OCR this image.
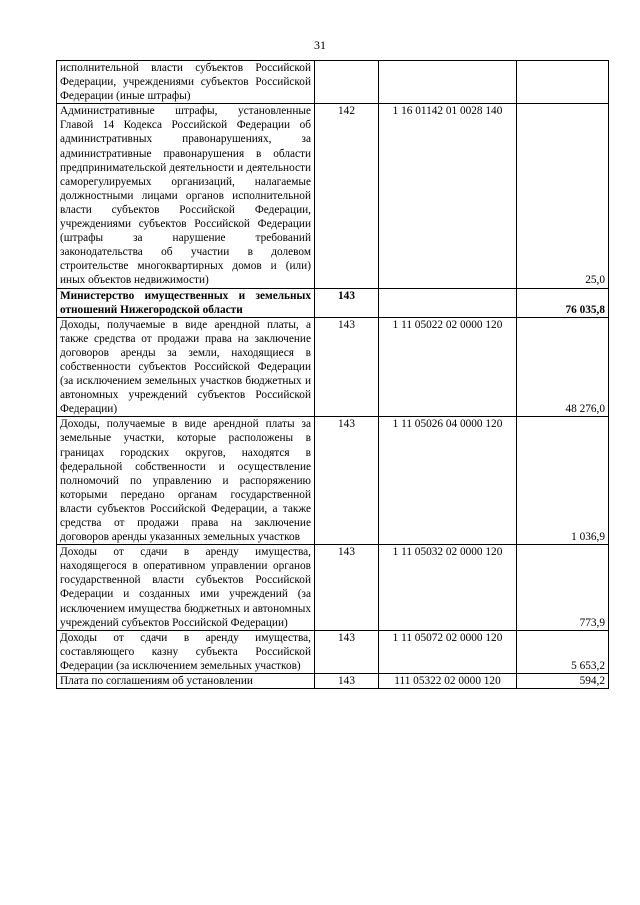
31
исполнительной власти субъектов Российской Федерации, учреждениями субъектов Российской Федерации (иные штрафы)			

Административные штрафы, установленные Главой 14 Кодекса Российской Федерации об административных правонарушениях, за административные правонарушения в области предпринимательской деятельности и деятельности саморегулируемых организаций, налагаемые должностными лицами органов исполнительной власти субъектов Российской Федерации, учреждениями субъектов Российской Федерации (штрафы за нарушение требований законодательства об участии в долевом строительстве многоквартирных домов и (или) иных объектов недвижимости)	142	1 16 01142 01 0028 140	25,0

Министерство имущественных и земельных отношений Нижегородской области	143		76 035,8

Доходы, получаемые в виде арендной платы, а также средства от продажи права на заключение договоров аренды за земли, находящиеся в собственности субъектов Российской Федерации (за исключением земельных участков бюджетных и автономных учреждений субъектов Российской Федерации)	143	1 11 05022 02 0000 120	48 276,0

Доходы, получаемые в виде арендной платы за земельные участки, которые расположены в границах городских округов, находятся в федеральной собственности и осуществление полномочий по управлению и распоряжению которыми передано органам государственной власти субъектов Российской Федерации, а также средства от продажи права на заключение договоров аренды указанных земельных участков	143	1 11 05026 04 0000 120	1 036,9

Доходы от сдачи в аренду имущества, находящегося в оперативном управлении органов государственной власти субъектов Российской Федерации и созданных ими учреждений (за исключением имущества бюджетных и автономных учреждений субъектов Российской Федерации)	143	1 11 05032 02 0000 120	773,9

Доходы от сдачи в аренду имущества, составляющего казну субъекта Российской Федерации (за исключением земельных участков)	143	1 11 05072 02 0000 120	5 653,2

Плата по соглашениям об установлении	143	111 05322 02 0000 120	594,2
